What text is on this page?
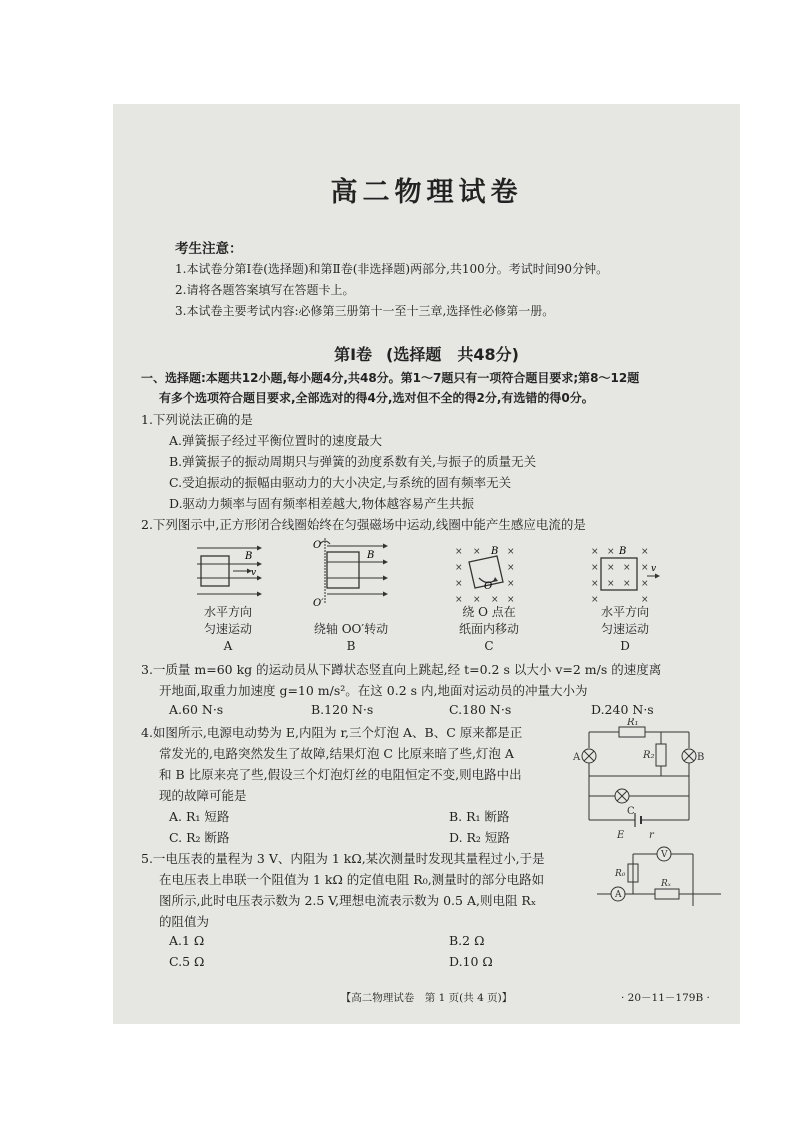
高二物理试卷
考生注意：
1.本试卷分第Ⅰ卷(选择题)和第Ⅱ卷(非选择题)两部分,共100分。考试时间90分钟。
2.请将各题答案填写在答题卡上。
3.本试卷主要考试内容:必修第三册第十一至十三章,选择性必修第一册。
第Ⅰ卷 (选择题　共48分)
一、选择题:本题共12小题,每小题4分,共48分。第1～7题只有一项符合题目要求;第8～12题
有多个选项符合题目要求,全部选对的得4分,选对但不全的得2分,有选错的得0分。
1.下列说法正确的是
A.弹簧振子经过平衡位置时的速度最大
B.弹簧振子的振动周期只与弹簧的劲度系数有关,与振子的质量无关
C.受迫振动的振幅由驱动力的大小决定,与系统的固有频率无关
D.驱动力频率与固有频率相差越大,物体越容易产生共振
2.下列图示中,正方形闭合线圈始终在匀强磁场中运动,线圈中能产生感应电流的是
B
v
水平方向
匀速运动
A
O
O′
B
绕轴 OO′转动
B
×	×
×	×
×	×
× × × ×
× B
O
绕 O 点在
纸面内移动
C
×	×
× × × ×
× × × ×
×	×
× B
v
水平方向
匀速运动
D
3.一质量 m=60 kg 的运动员从下蹲状态竖直向上跳起,经 t=0.2 s 以大小 v=2 m/s 的速度离
开地面,取重力加速度 g=10 m/s²。在这 0.2 s 内,地面对运动员的冲量大小为
A.60 N·s	B.120 N·s	C.180 N·s	D.240 N·s
4.如图所示,电源电动势为 E,内阻为 r,三个灯泡 A、B、C 原来都是正
常发光的,电路突然发生了故障,结果灯泡 C 比原来暗了些,灯泡 A
和 B 比原来亮了些,假设三个灯泡灯丝的电阻恒定不变,则电路中出
现的故障可能是
A. R₁ 短路	B. R₁ 断路
C. R₂ 断路	D. R₂ 短路
R₁
R₂
A	B
C
E r
5.一电压表的量程为 3 V、内阻为 1 kΩ,某次测量时发现其量程过小,于是
在电压表上串联一个阻值为 1 kΩ 的定值电阻 R₀,测量时的部分电路如
图所示,此时电压表示数为 2.5 V,理想电流表示数为 0.5 A,则电阻 Rₓ
的阻值为
A.1 Ω	B.2 Ω
C.5 Ω	D.10 Ω
A
V
R₀
Rₓ
【高二物理试卷　第 1 页(共 4 页)】	· 20－11－179B ·
